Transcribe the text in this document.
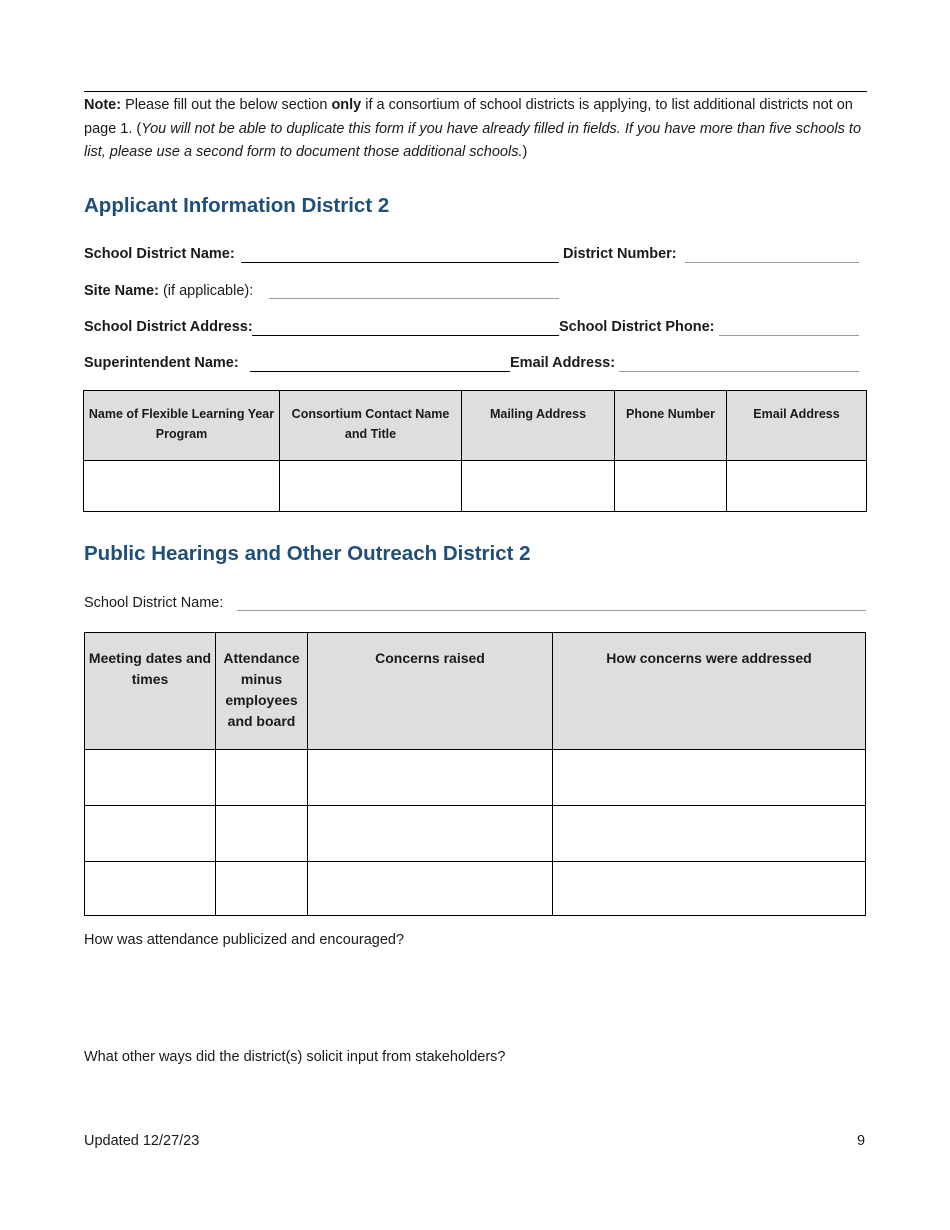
Note: Please fill out the below section only if a consortium of school districts is applying, to list additional districts not on page 1. (You will not be able to duplicate this form if you have already filled in fields. If you have more than five schools to list, please use a second form to document those additional schools.)
Applicant Information District 2
School District Name:	District Number:
Site Name: (if applicable):
School District Address:	School District Phone:
Superintendent Name:	Email Address:
Name of Flexible Learning Year Program	Consortium Contact Name and Title	Mailing Address	Phone Number	Email Address

Public Hearings and Other Outreach District 2
School District Name:
Meeting dates and times	Attendance minus employees and board	Concerns raised	How concerns were addressed

How was attendance publicized and encouraged?
What other ways did the district(s) solicit input from stakeholders?
Updated 12/27/23	9
